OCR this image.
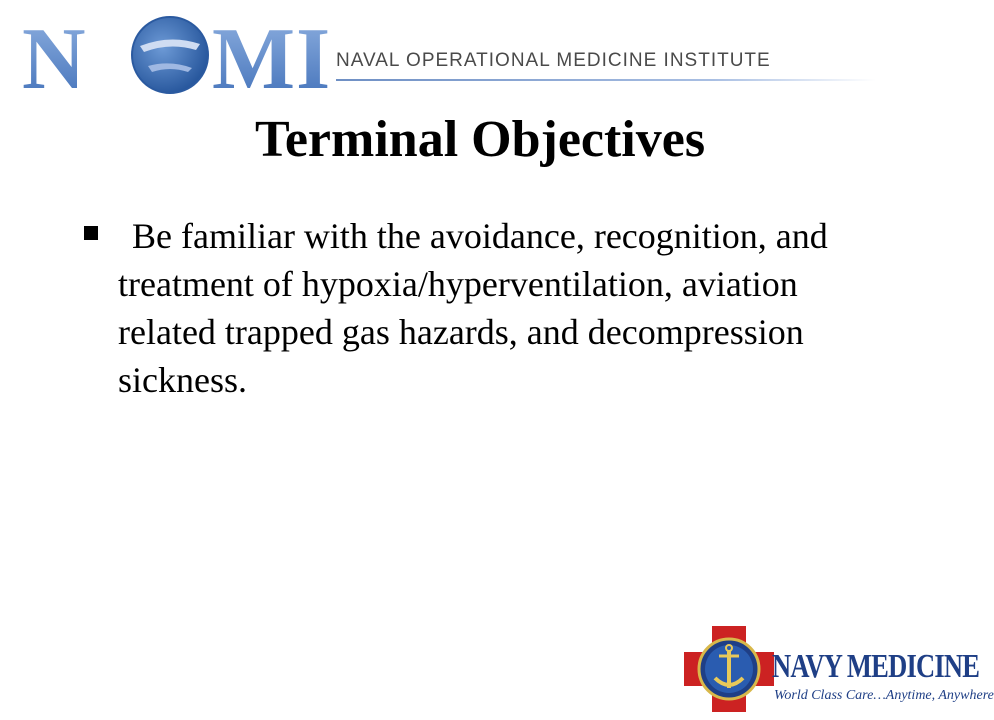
N M I
NOMI
NAVAL OPERATIONAL MEDICINE INSTITUTE
Terminal Objectives
Be familiar with the avoidance, recognition, and treatment of hypoxia/hyperventilation, aviation related trapped gas hazards, and decompression sickness.
NAVY MEDICINE
World Class Care…Anytime, Anywhere
